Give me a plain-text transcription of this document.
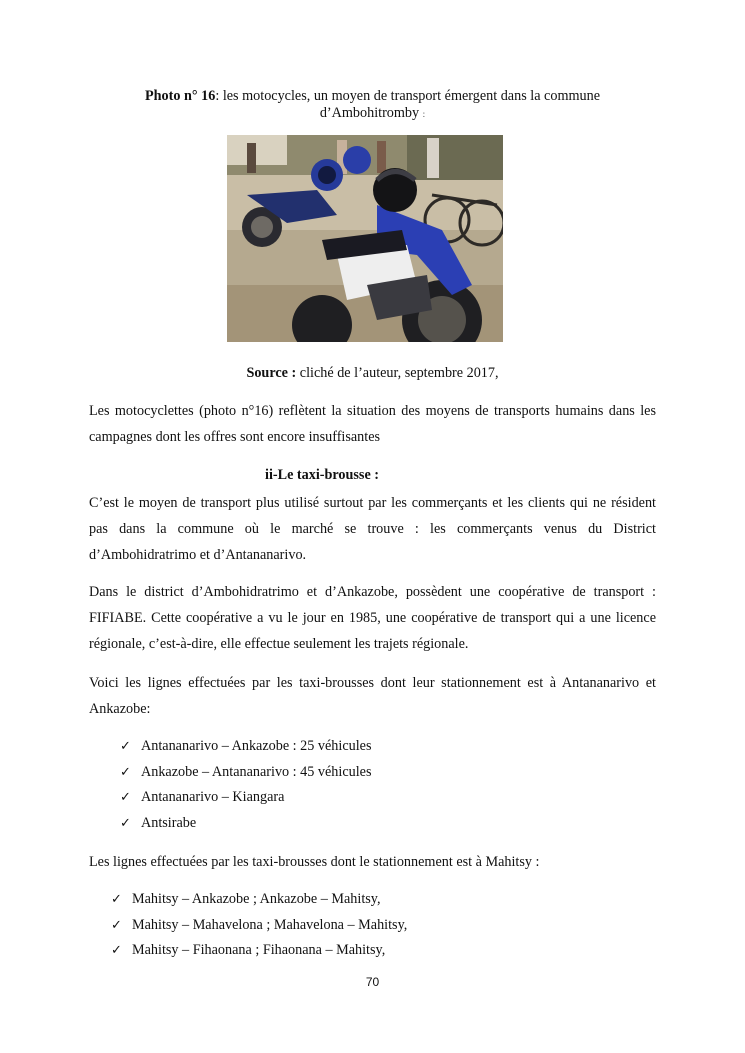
Photo n° 16: les motocycles, un moyen de transport émergent dans la commune d’Ambohitromby :
Source : cliché de l’auteur, septembre 2017,

Les motocyclettes (photo n°16) reflètent la situation des moyens de transports humains dans les campagnes dont les offres sont encore insuffisantes

ii-Le taxi-brousse :

C’est le moyen de transport plus utilisé surtout par les commerçants et les clients qui ne résident pas dans la commune où le marché se trouve : les commerçants venus du District d’Ambohidratrimo et d’Antananarivo.

Dans le district d’Ambohidratrimo et d’Ankazobe, possèdent une coopérative de transport : FIFIABE. Cette coopérative a vu le jour en 1985, une coopérative de transport qui a une licence régionale, c’est-à-dire, elle effectue seulement les trajets régionale.

Voici les lignes effectuées par les taxi-brousses dont leur stationnement est à Antananarivo et Ankazobe:

✓ Antananarivo – Ankazobe : 25 véhicules
✓ Ankazobe – Antananarivo : 45 véhicules
✓ Antananarivo – Kiangara
✓ Antsirabe

Les lignes effectuées par les taxi-brousses dont le stationnement est à Mahitsy :

✓ Mahitsy – Ankazobe ; Ankazobe – Mahitsy,
✓ Mahitsy – Mahavelona ; Mahavelona – Mahitsy,
✓ Mahitsy – Fihaonana ; Fihaonana – Mahitsy,
70
